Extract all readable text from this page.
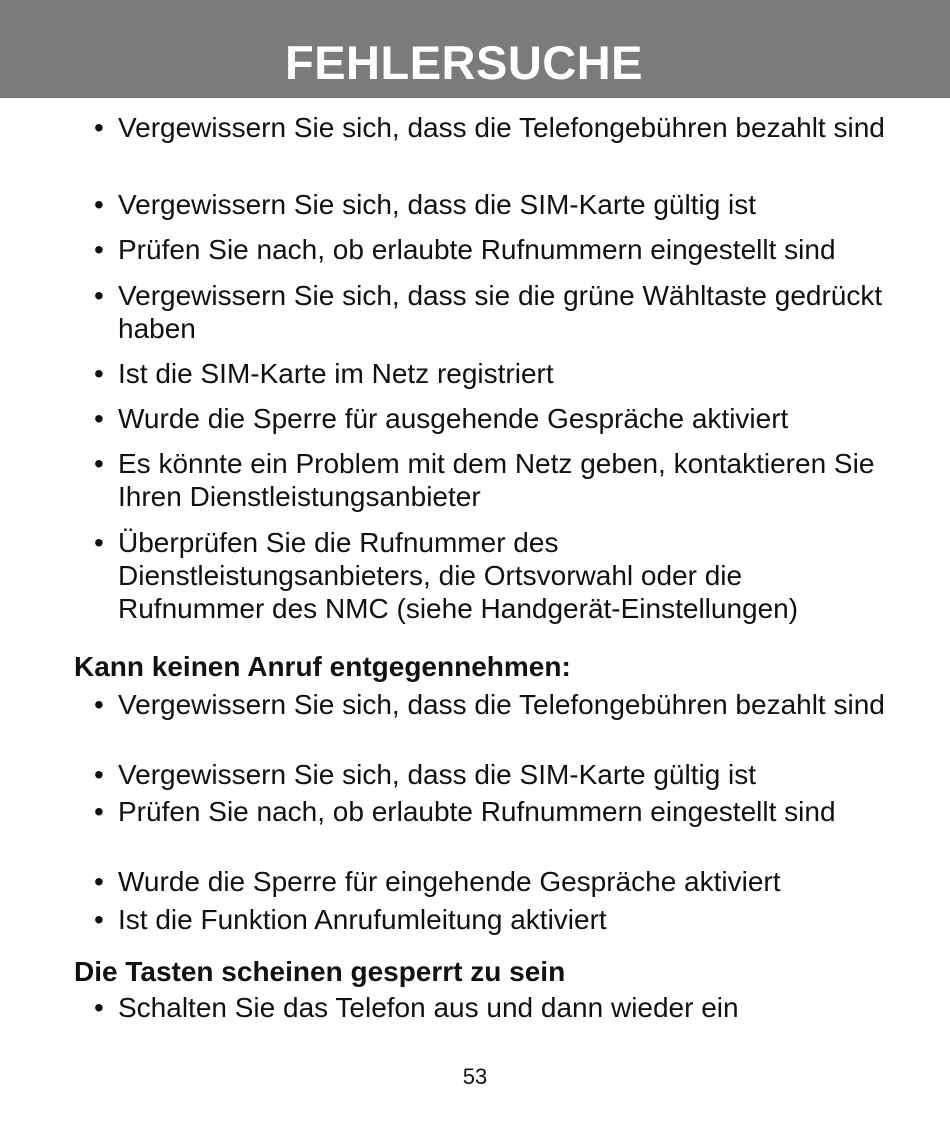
FEHLERSUCHE
• Vergewissern Sie sich, dass die Telefongebühren bezahlt sind
• Vergewissern Sie sich, dass die SIM-Karte gültig ist
• Prüfen Sie nach, ob erlaubte Rufnummern eingestellt sind
• Vergewissern Sie sich, dass sie die grüne Wähltaste gedrückt haben
• Ist die SIM-Karte im Netz registriert
• Wurde die Sperre für ausgehende Gespräche aktiviert
• Es könnte ein Problem mit dem Netz geben, kontaktieren Sie Ihren Dienstleistungsanbieter
• Überprüfen Sie die Rufnummer des Dienstleistungsanbieters, die Ortsvorwahl oder die Rufnummer des NMC (siehe Handgerät-Einstellungen)
Kann keinen Anruf entgegennehmen:
• Vergewissern Sie sich, dass die Telefongebühren bezahlt sind
• Vergewissern Sie sich, dass die SIM-Karte gültig ist
• Prüfen Sie nach, ob erlaubte Rufnummern eingestellt sind
• Wurde die Sperre für eingehende Gespräche aktiviert
• Ist die Funktion Anrufumleitung aktiviert
Die Tasten scheinen gesperrt zu sein
• Schalten Sie das Telefon aus und dann wieder ein
53
